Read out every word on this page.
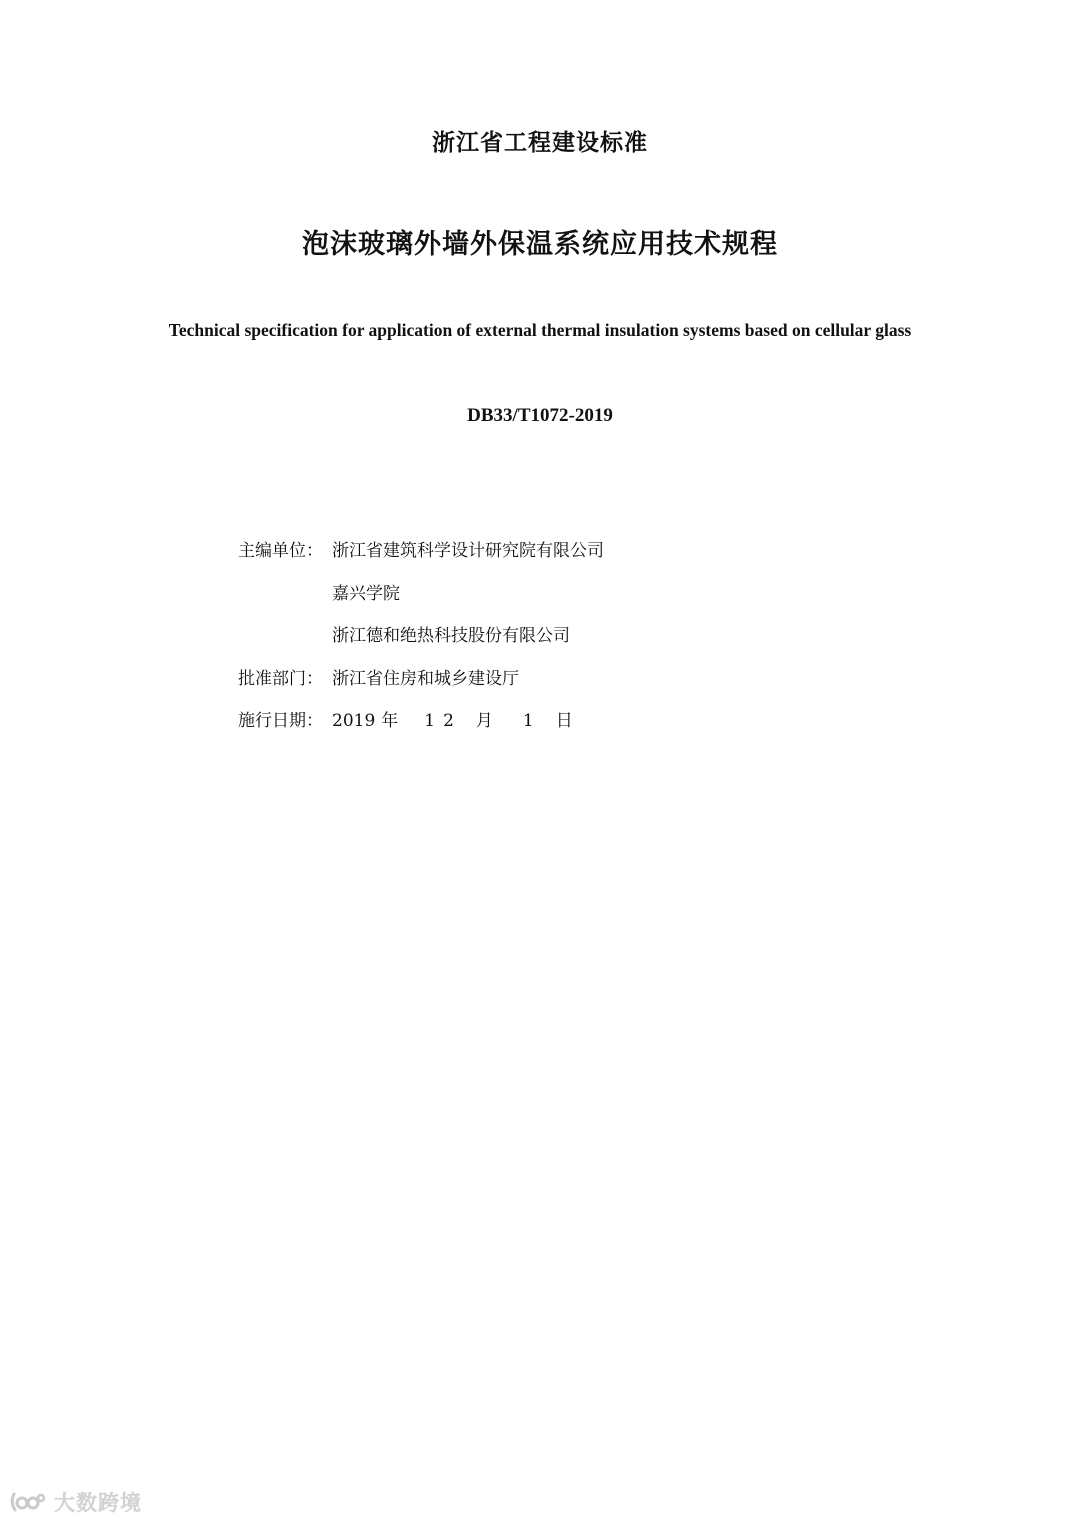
浙江省工程建设标准
泡沫玻璃外墙外保温系统应用技术规程
Technical specification for application of external thermal insulation systems based on cellular glass
DB33/T1072-2019
主编单位： 浙江省建筑科学设计研究院有限公司
嘉兴学院
浙江德和绝热科技股份有限公司
批准部门： 浙江省住房和城乡建设厅
施行日期： 2019 年 12 月 1 日
大数跨境
